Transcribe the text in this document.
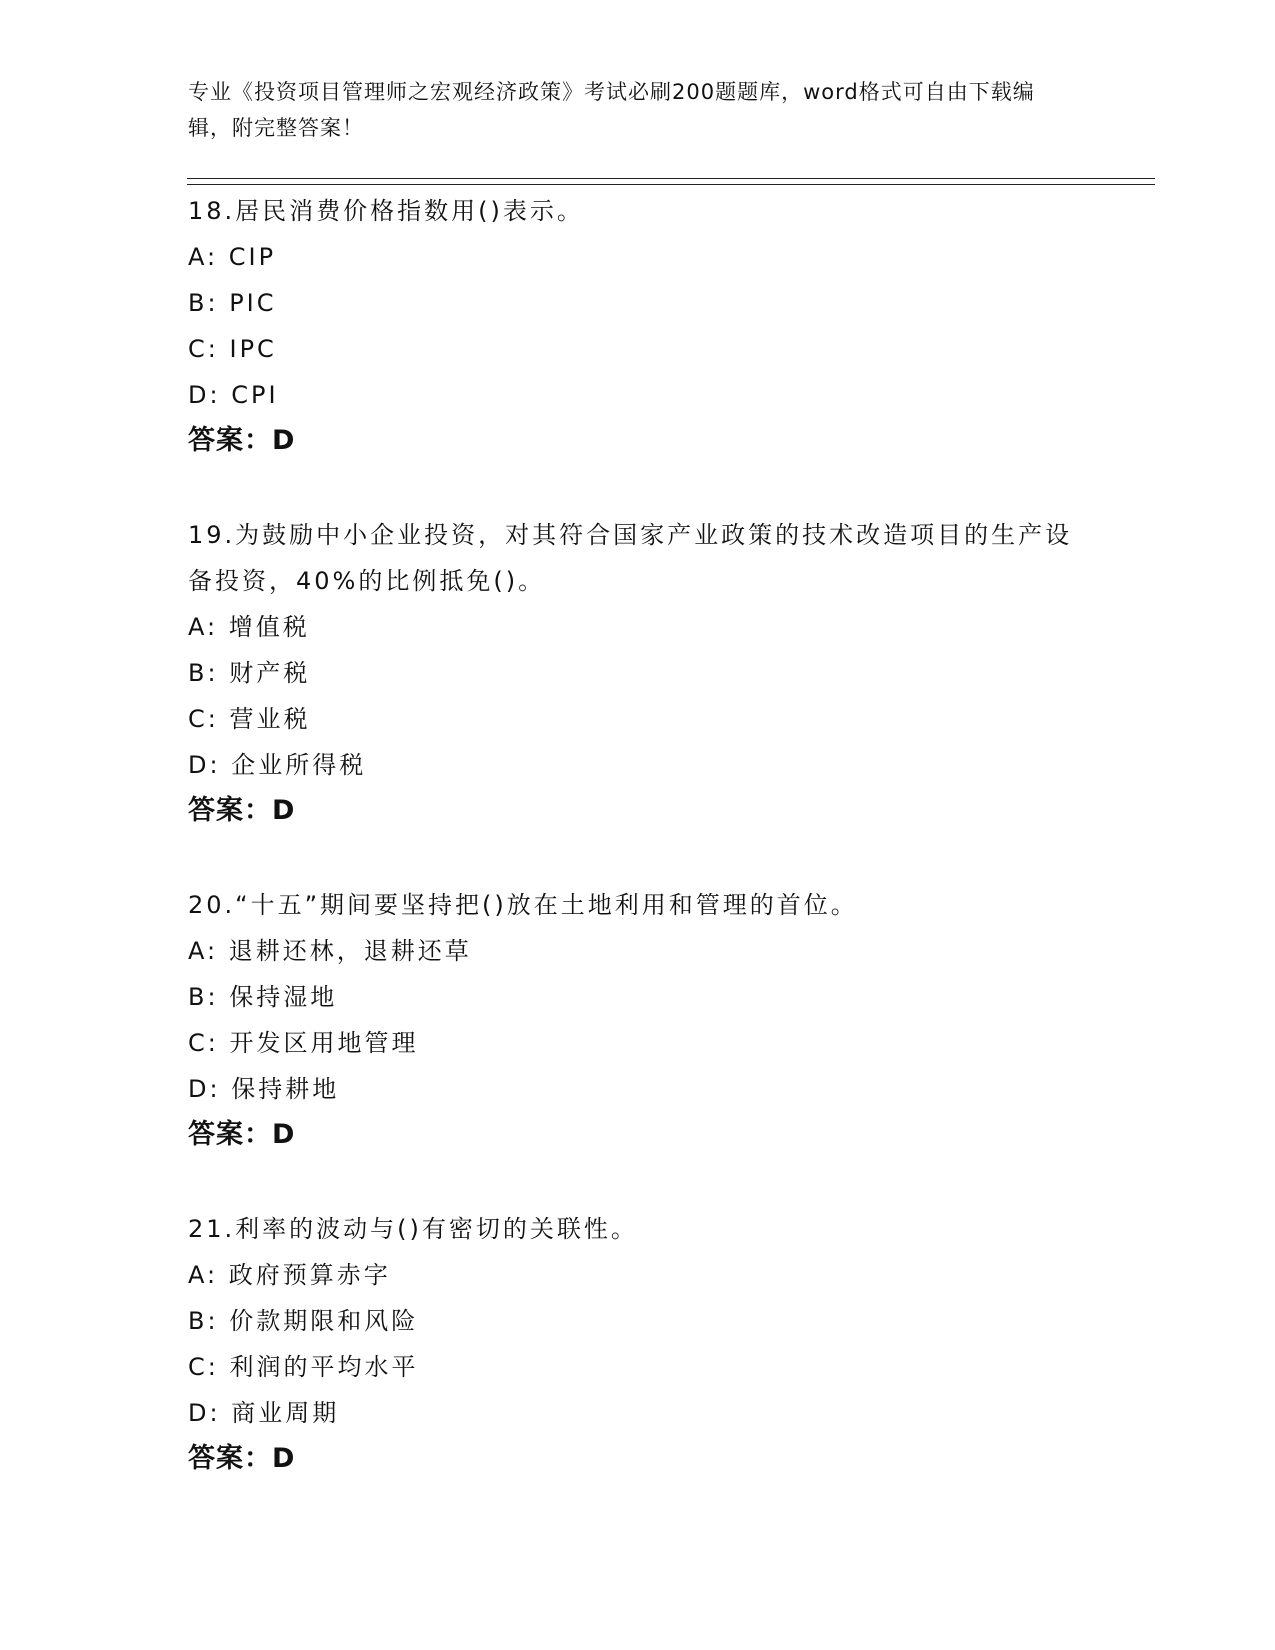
专业《投资项目管理师之宏观经济政策》考试必刷200题题库，word格式可自由下载编辑，附完整答案！
18.居民消费价格指数用()表示。
A: CIP
B: PIC
C: IPC
D: CPI
答案：D
19.为鼓励中小企业投资，对其符合国家产业政策的技术改造项目的生产设备投资，40%的比例抵免()。
A: 增值税
B: 财产税
C: 营业税
D: 企业所得税
答案：D
20.“十五”期间要坚持把()放在土地利用和管理的首位。
A: 退耕还林，退耕还草
B: 保持湿地
C: 开发区用地管理
D: 保持耕地
答案：D
21.利率的波动与()有密切的关联性。
A: 政府预算赤字
B: 价款期限和风险
C: 利润的平均水平
D: 商业周期
答案：D
